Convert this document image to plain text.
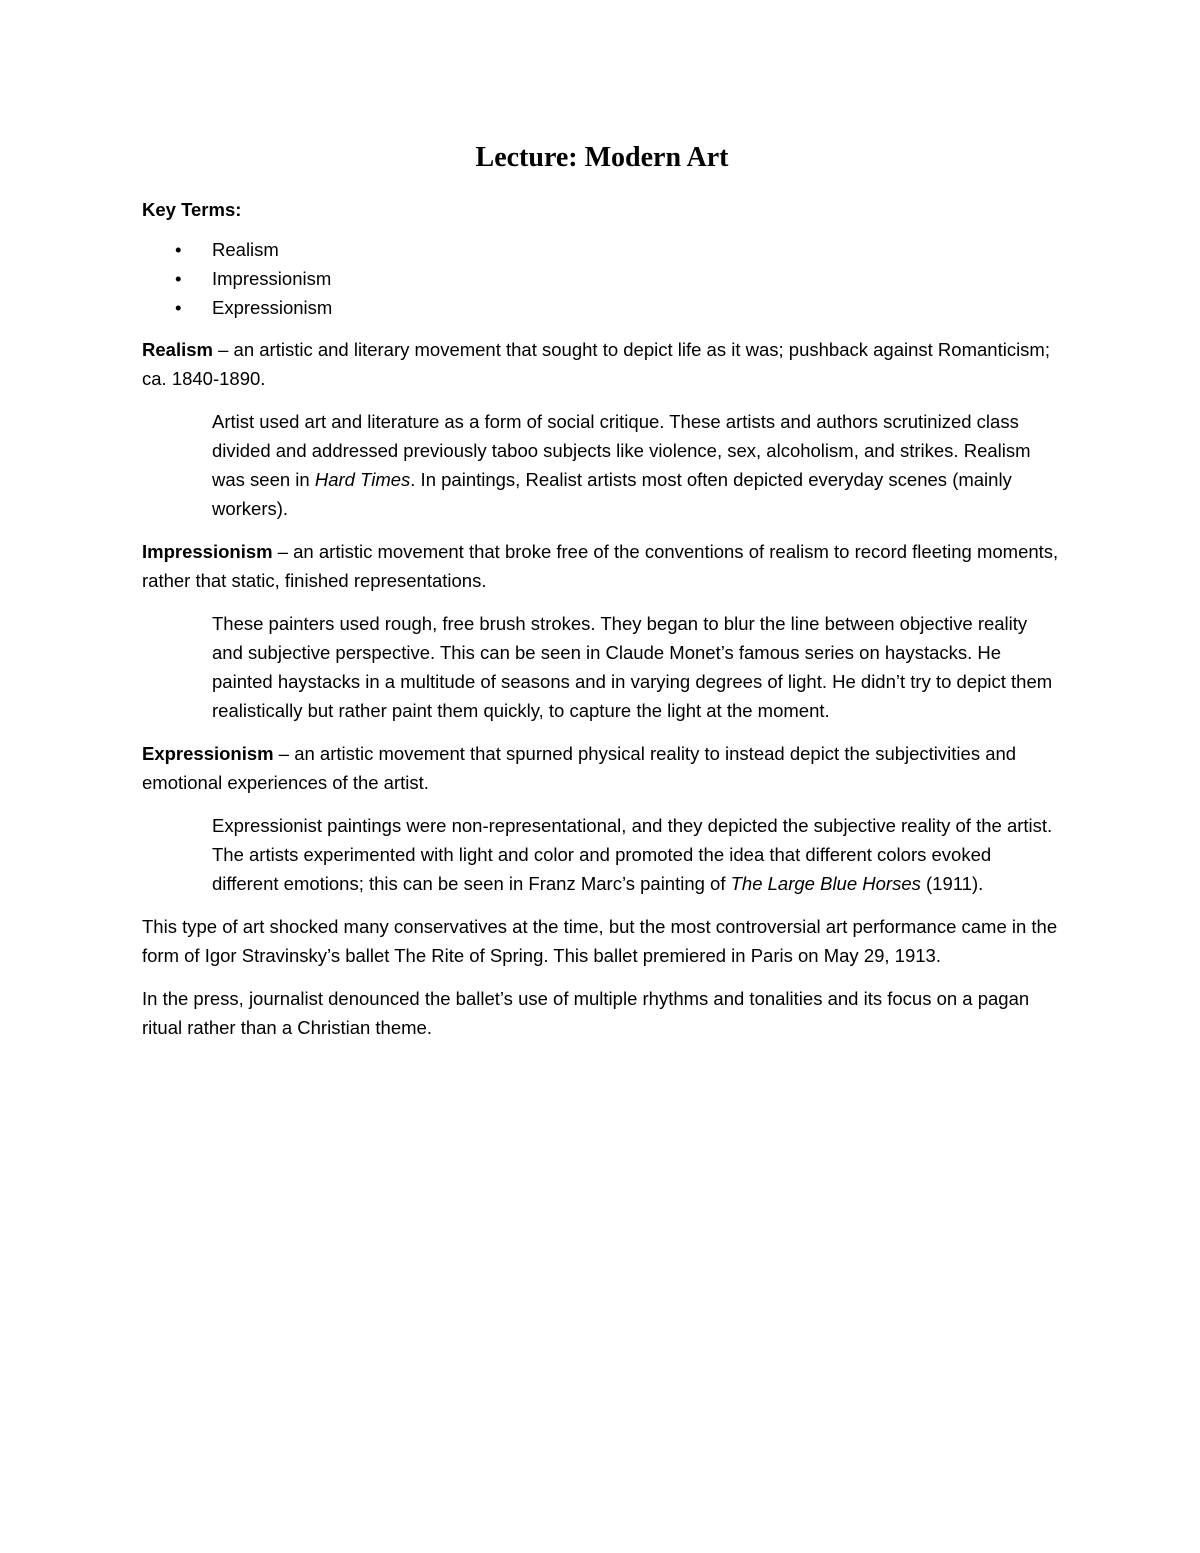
Lecture: Modern Art

Key Terms:

• Realism
• Impressionism
• Expressionism

Realism – an artistic and literary movement that sought to depict life as it was; pushback against Romanticism; ca. 1840-1890.

Artist used art and literature as a form of social critique. These artists and authors scrutinized class divided and addressed previously taboo subjects like violence, sex, alcoholism, and strikes. Realism was seen in Hard Times. In paintings, Realist artists most often depicted everyday scenes (mainly workers).

Impressionism – an artistic movement that broke free of the conventions of realism to record fleeting moments, rather that static, finished representations.

These painters used rough, free brush strokes. They began to blur the line between objective reality and subjective perspective. This can be seen in Claude Monet’s famous series on haystacks. He painted haystacks in a multitude of seasons and in varying degrees of light. He didn’t try to depict them realistically but rather paint them quickly, to capture the light at the moment.

Expressionism – an artistic movement that spurned physical reality to instead depict the subjectivities and emotional experiences of the artist.

Expressionist paintings were non-representational, and they depicted the subjective reality of the artist. The artists experimented with light and color and promoted the idea that different colors evoked different emotions; this can be seen in Franz Marc’s painting of The Large Blue Horses (1911).

This type of art shocked many conservatives at the time, but the most controversial art performance came in the form of Igor Stravinsky’s ballet The Rite of Spring. This ballet premiered in Paris on May 29, 1913.

In the press, journalist denounced the ballet’s use of multiple rhythms and tonalities and its focus on a pagan ritual rather than a Christian theme.
